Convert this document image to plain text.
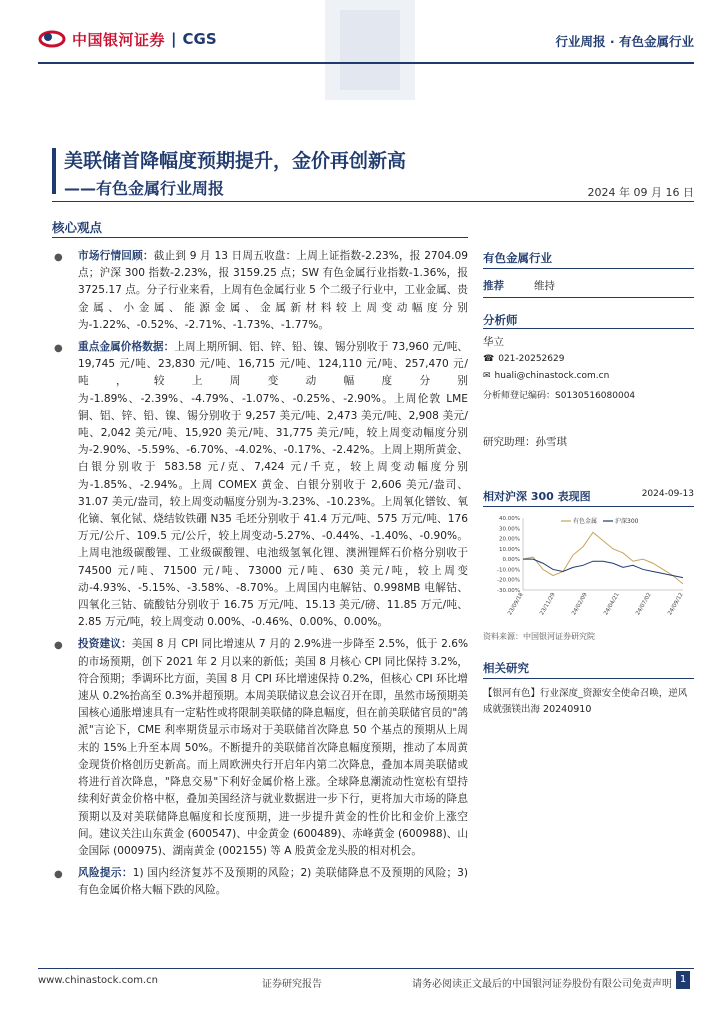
中国银河证券 | CGS	行业周报 · 有色金属行业
美联储首降幅度预期提升，金价再创新高
——有色金属行业周报	2024 年 09 月 16 日
核心观点
● 市场行情回顾：截止到 9 月 13 日周五收盘：上周上证指数-2.23%，报 2704.09 点；沪深 300 指数-2.23%，报 3159.25 点；SW 有色金属行业指数-1.36%，报 3725.17 点。分子行业来看，上周有色金属行业 5 个二级子行业中，工业金属、贵金属、小金属、能源金属、金属新材料较上周变动幅度分别为-1.22%、-0.52%、-2.71%、-1.73%、-1.77%。
● 重点金属价格数据：上周上期所铜、铝、锌、铅、镍、锡分别收于 73,960 元/吨、19,745 元/吨、23,830 元/吨、16,715 元/吨、124,110 元/吨、257,470 元/吨，较上周变动幅度分别为-1.89%、-2.39%、-4.79%、-1.07%、-0.25%、-2.90%。上周伦敦 LME 铜、铝、锌、铅、镍、锡分别收于 9,257 美元/吨、2,473 美元/吨、2,908 美元/吨、2,042 美元/吨、15,920 美元/吨、31,775 美元/吨，较上周变动幅度分别为-2.90%、-5.59%、-6.70%、-4.02%、-0.17%、-2.42%。上周上期所黄金、白银分别收于 583.58 元/克、7,424 元/千克，较上周变动幅度分别为-1.85%、-2.94%。上周 COMEX 黄金、白银分别收于 2,606 美元/盎司、31.07 美元/盎司，较上周变动幅度分别为-3.23%、-10.23%。上周氧化镨钕、氧化镝、氧化铽、烧结钕铁硼 N35 毛坯分别收于 41.4 万元/吨、575 万元/吨、176 万元/公斤、109.5 元/公斤，较上周变动-5.27%、-0.44%、-1.40%、-0.90%。上周电池级碳酸锂、工业级碳酸锂、电池级氢氧化锂、澳洲锂辉石价格分别收于 74500 元/吨、71500 元/吨、73000 元/吨、630 美元/吨，较上周变动-4.93%、-5.15%、-3.58%、-8.70%。上周国内电解钴、0.998MB 电解钴、四氧化三钴、硫酸钴分别收于 16.75 万元/吨、15.13 美元/磅、11.85 万元/吨、2.85 万元/吨，较上周变动 0.00%、-0.46%、0.00%、0.00%。
● 投资建议：美国 8 月 CPI 同比增速从 7 月的 2.9%进一步降至 2.5%，低于 2.6%的市场预期，创下 2021 年 2 月以来的新低；美国 8 月核心 CPI 同比保持 3.2%，符合预期；季调环比方面，美国 8 月 CPI 环比增速保持 0.2%，但核心 CPI 环比增速从 0.2%抬高至 0.3%并超预期。本周美联储议息会议召开在即，虽然市场预期美国核心通胀增速具有一定粘性或将限制美联储的降息幅度，但在前美联储官员的"鸽派"言论下，CME 利率期货显示市场对于美联储首次降息 50 个基点的预期从上周末的 15%上升至本周 50%。不断提升的美联储首次降息幅度预期，推动了本周黄金现货价格创历史新高。而上周欧洲央行开启年内第二次降息，叠加本周美联储或将进行首次降息，"降息交易"下利好金属价格上涨。全球降息潮流动性宽松有望持续利好黄金价格中枢，叠加美国经济与就业数据进一步下行，更将加大市场的降息预期以及对美联储降息幅度和长度预期，进一步提升黄金的性价比和金价上涨空间。建议关注山东黄金 (600547)、中金黄金 (600489)、赤峰黄金 (600988)、山金国际 (000975)、湖南黄金 (002155) 等 A 股黄金龙头股的相对机会。
● 风险提示：1) 国内经济复苏不及预期的风险；2) 美联储降息不及预期的风险；3) 有色金属价格大幅下跌的风险。
有色金属行业
推荐	维持
分析师
华立
☎ 021-20252629
✉ huali@chinastock.com.cn
分析师登记编码：S0130516080004
研究助理：孙雪琪
相对沪深 300 表现图	2024-09-13
40.00%
30.00%
20.00%
10.00%
0.00%
-10.00%
-20.00%
-30.00%
23/09/18	23/11/29	24/02/09	24/04/21	24/07/02	24/09/12
有色金属	沪深300
资料来源：中国银河证券研究院
相关研究
【银河有色】行业深度_资源安全使命召唤，逆风成就强镁出海 20240910
www.chinastock.com.cn	证券研究报告	请务必阅读正文最后的中国银河证券股份有限公司免责声明 1
